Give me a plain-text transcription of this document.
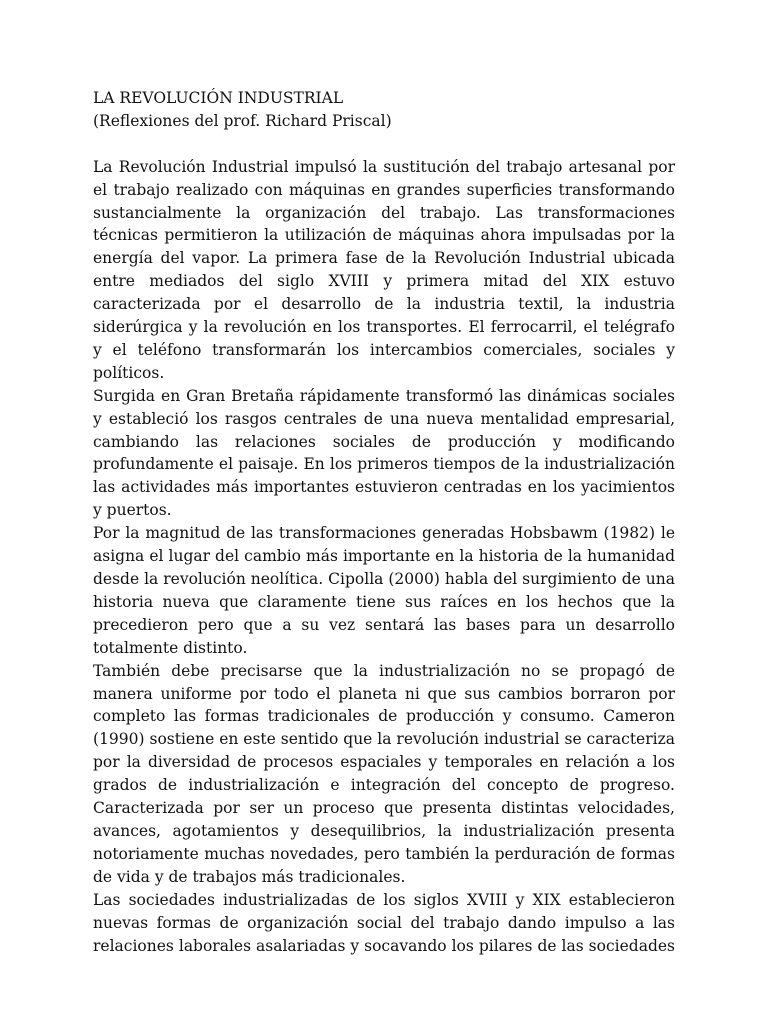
LA REVOLUCIÓN INDUSTRIAL

(Reflexiones del prof. Richard Priscal)

La Revolución Industrial impulsó la sustitución del trabajo artesanal por el trabajo realizado con máquinas en grandes superficies transformando sustancialmente la organización del trabajo. Las transformaciones técnicas permitieron la utilización de máquinas ahora impulsadas por la energía del vapor. La primera fase de la Revolución Industrial ubicada entre mediados del siglo XVIII y primera mitad del XIX estuvo caracterizada por el desarrollo de la industria textil, la industria siderúrgica y la revolución en los transportes. El ferrocarril, el telégrafo y el teléfono transformarán los intercambios comerciales, sociales y políticos.

Surgida en Gran Bretaña rápidamente transformó las dinámicas sociales y estableció los rasgos centrales de una nueva mentalidad empresarial, cambiando las relaciones sociales de producción y modificando profundamente el paisaje. En los primeros tiempos de la industrialización las actividades más importantes estuvieron centradas en los yacimientos y puertos.

Por la magnitud de las transformaciones generadas Hobsbawm (1982) le asigna el lugar del cambio más importante en la historia de la humanidad desde la revolución neolítica. Cipolla (2000) habla del surgimiento de una historia nueva que claramente tiene sus raíces en los hechos que la precedieron pero que a su vez sentará las bases para un desarrollo totalmente distinto.

También debe precisarse que la industrialización no se propagó de manera uniforme por todo el planeta ni que sus cambios borraron por completo las formas tradicionales de producción y consumo. Cameron (1990) sostiene en este sentido que la revolución industrial se caracteriza por la diversidad de procesos espaciales y temporales en relación a los grados de industrialización e integración del concepto de progreso. Caracterizada por ser un proceso que presenta distintas velocidades, avances, agotamientos y desequilibrios, la industrialización presenta notoriamente muchas novedades, pero también la perduración de formas de vida y de trabajos más tradicionales.

Las sociedades industrializadas de los siglos XVIII y XIX establecieron nuevas formas de organización social del trabajo dando impulso a las relaciones laborales asalariadas y socavando los pilares de las sociedades
